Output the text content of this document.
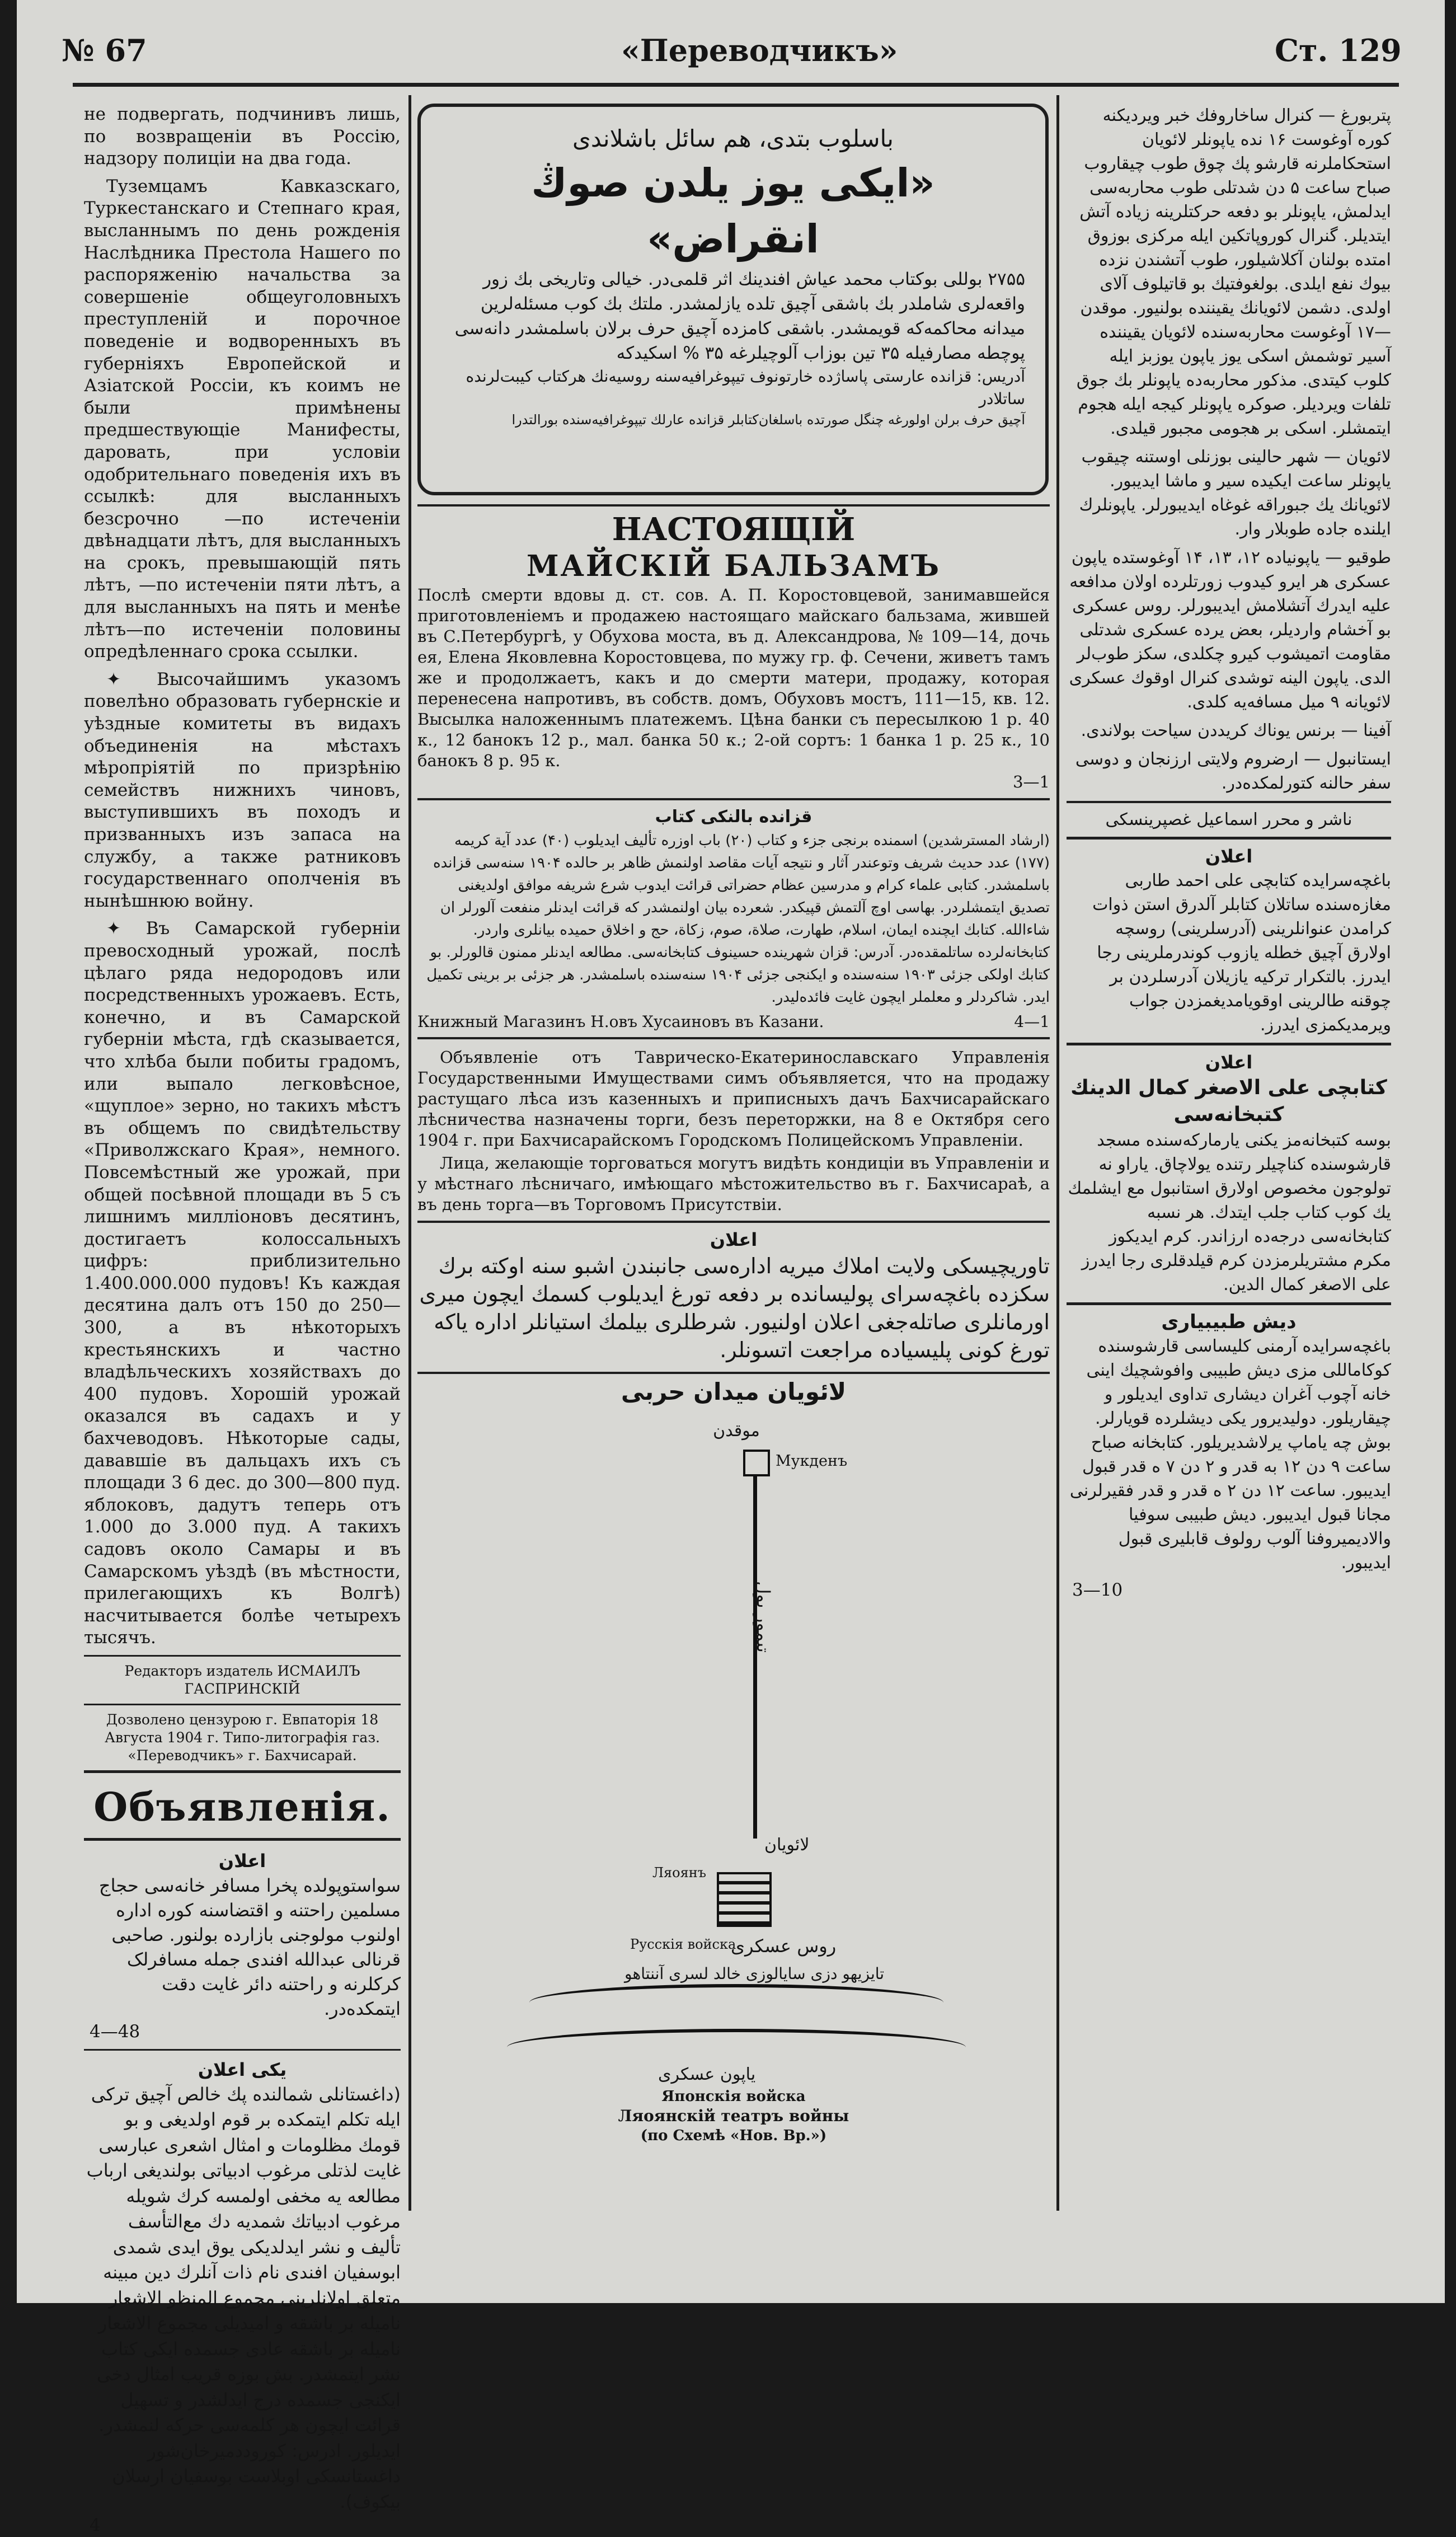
№ 67	«Переводчикъ»	Ст. 129

не подвергать, подчинивъ лишь, по возвращеніи въ Россію, надзору полиціи на два года.

Туземцамъ Кавказскаго, Туркестанскаго и Степнаго края, высланнымъ по день рожденія Наслѣдника Престола Нашего по распоряженію начальства за совершеніе общеуголовныхъ преступленій и порочное поведеніе и водворенныхъ въ губерніяхъ Европейской и Азіатской Россіи, къ коимъ не были примѣнены предшествующіе Манифесты, даровать, при условіи одобрительнаго поведенія ихъ въ ссылкѣ: для высланныхъ безсрочно —по истеченіи двѣнадцати лѣтъ, для высланныхъ на срокъ, превышающій пять лѣтъ, —по истеченіи пяти лѣтъ, а для высланныхъ на пять и менѣе лѣтъ—по истеченіи половины опредѣленнаго срока ссылки.

✦ Высочайшимъ указомъ повелѣно образовать губернскіе и уѣздные комитеты въ видахъ объединенія на мѣстахъ мѣропріятій по призрѣнію семействъ нижнихъ чиновъ, выступившихъ въ походъ и призванныхъ изъ запаса на службу, а также ратниковъ государственнаго ополченія въ нынѣшнюю войну.

✦ Въ Самарской губерніи превосходный урожай, послѣ цѣлаго ряда недородовъ или посредственныхъ урожаевъ. Есть, конечно, и въ Самарской губерніи мѣста, гдѣ сказывается, что хлѣба были побиты градомъ, или выпало легковѣсное, «щуплое» зерно, но такихъ мѣстъ въ общемъ по свидѣтельству «Приволжскаго Края», немного. Повсемѣстный же урожай, при общей посѣвной площади въ 5 съ лишнимъ милліоновъ десятинъ, достигаетъ колоссальныхъ цифръ: приблизительно 1.400.000.000 пудовъ! Къ каждая десятина далъ отъ 150 до 250—300, а въ нѣкоторыхъ крестьянскихъ и частно владѣльческихъ хозяйствахъ до 400 пудовъ. Хорошій урожай оказался въ садахъ и у бахчеводовъ. Нѣкоторые сады, дававшіе въ дальцахъ ихъ съ площади 3 6 дес. до 300—800 пуд. яблоковъ, дадутъ теперь отъ 1.000 до 3.000 пуд. А такихъ садовъ около Самары и въ Самарскомъ уѣздѣ (въ мѣстности, прилегающихъ къ Волгѣ) насчитывается болѣе четырехъ тысячъ.

Редакторъ издатель ИСМАИЛЪ ГАСПРИНСКІЙ

Дозволено цензурою г. Евпаторія 18 Августа 1904 г. Типо-литографія газ. «Переводчикъ» г. Бахчисарай.

Объявленія.
اعلان
سواستوپولده پخرا مسافر خانه‌سی حجاج مسلمین راحتنه و اقتضاسنه کوره اداره اولنوب مولوجنی بازارده بولنور. صاحبی قرنالی عبدالله افندی جمله مسافرلک کرکلرنه و راحتنه دائر غایت دقت ایتمکده‌در.
4—48
یکی اعلان
(داغستانلی شمالنده پك خالص آچیق ترکی ایله تکلم ایتمکده بر قوم اولدیغی و بو قومك مظلومات و امثال اشعری عبارسی غایت لذتلی مرغوب ادبیاتی بولندیغی ارباب مطالعه یه مخفی اولمسه کرك شویله مرغوب ادبیاتك شمدیه دك مع‌التأسف تألیف و نشر ایدلدیکی یوق ایدی شمدی ابوسفیان افندی نام ذات آنلرك دین مبینه متعلق اولانلرینی مجموع المنظو الاشعار نامیله بر باشقه و امیدیلی مجموع الاشعار نامیله بر باشقه عادی جسمده ایکی کتاب نشر ایتمشدر. بش بوزه قریب امثال دخی ایکنجی جسمده درج ایدلشدر و تسهیل قرائت ایچون هر کلمه‌سی حرکه لنمشدر.
ایدیلور. ادرس: کوروددمیرخان‌شور داغستانسکی اوبلاست بوسفیان ارسلان بیکوف).
4
باسلوب بتدی، هم سائل باشلاندی
«ایکی یوز یلدن صوڭ انقراض»
۲۷۵۵ بوللی بوکتاب محمد عیاش افندینك اثر قلمی‌در. خیالی وتاریخی بك زور واقعه‌لری شاملدر بك باشقی آچیق تلده یازلمشدر. ملتك بك کوب مسئله‌لرین میدانه محاکمه‌که قویمشدر. باشقی کامزده آچیق حرف برلان باسلمشدر دانه‌سی پوچطه مصارفیله ۳۵ تین بوزاب آلوچیلرغه ۳۵ % اسکیدکه
آدریس: قزانده عارستی پاساژده خارتونوف تیپوغرافیه‌سنه روسیه‌نك هرکتاب کیبت‌لرنده ساتلادر
آچیق حرف برلن اولورغه چنگل صورتده باسلغان‌کتابلر قزانده عار‌لك تیپوغرافیه‌سنده بورالتدرا
НАСТОЯЩІЙ
МАЙСКІЙ БАЛЬЗАМЪ

Послѣ смерти вдовы д. ст. сов. А. П. Коростовцевой, занимавшейся приготовленіемъ и продажею настоящаго майскаго бальзама, жившей въ С.Петербургѣ, у Обухова моста, въ д. Александрова, № 109—14, дочь ея, Елена Яковлевна Коростовцева, по мужу гр. ф. Сечени, живетъ тамъ же и продолжаетъ, какъ и до смерти матери, продажу, которая перенесена напротивъ, въ собств. домъ, Обуховъ мостъ, 111—15, кв. 12. Высылка наложеннымъ платежемъ. Цѣна банки съ пересылкою 1 р. 40 к., 12 банокъ 12 р., мал. банка 50 к.; 2-ой сортъ: 1 банка 1 р. 25 к., 10 банокъ 8 р. 95 к.

3—1
قزانده بالنکی کتاب
(ارشاد المسترشدین) اسمنده برنجی جزء و کتاب (۲۰) باب اوزره تألیف ایدیلوب (۴۰) عدد آیة کریمه (۱۷۷) عدد حدیث شریف وتوعندر آثار و نتیجه آیات مقاصد اولنمش ظاهر بر حالده ۱۹۰۴ سنه‌سی قزانده باسلمشدر. کتابی علماء کرام و مدرسین عظام حضراتی قرائت ایدوب شرع شریفه موافق اولدیغنی تصدیق ایتمشلردر. بهاسی اوچ آلتمش قپیکدر. شعرده بیان اولنمشدر که قرائت ایدنلر منفعت آلورلر ان شاءالله. کتابك ایچنده ایمان، اسلام، طهارت، صلاة، صوم، زکاة، حج و اخلاق حمیده بیانلری واردر. کتابخانه‌لرده ساتلمقده‌در. آدرس: قزان شهرینده حسینوف کتابخانه‌سی. مطالعه ایدنلر ممنون قالورلر. بو کتابك اولکی جزئی ۱۹۰۳ سنه‌سنده و ایکنجی جزئی ۱۹۰۴ سنه‌سنده باسلمشدر. هر جزئی بر برینی تکمیل ایدر. شاکردلر و معلملر ایچون غایت فائده‌لیدر.
Книжный Магазинъ Н.овъ Хусаиновъ въ Казани.	4—1

Объявленіе отъ Таврическо-Екатеринославскаго Управленія Государственными Имуществами симъ объявляется, что на продажу растущаго лѣса изъ казенныхъ и приписныхъ дачъ Бахчисарайскаго лѣсничества назначены торги, безъ переторжки, на 8 е Октября сего 1904 г. при Бахчисарайскомъ Городскомъ Полицейскомъ Управленіи.

Лица, желающіе торговаться могутъ видѣть кондиціи въ Управленіи и у мѣстнаго лѣсничаго, имѣющаго мѣстожительство въ г. Бахчисараѣ, а въ день торга—въ Торговомъ Присутствіи.

اعلان
تاوریچیسکی ولایت املاك میریه اداره‌سی جانبندن اشبو سنه اوکته برك سکزده باغچه‌سرای پولیسانده بر دفعه تورغ ایدیلوب کسمك ایچون میری اورمانلری صاتله‌جغی اعلان اولنیور. شرطلری بیلمك استیانلر اداره یاکه تورغ کونی پلیسیاده مراجعت اتسونلر.
لائویان میدان حربی
موقدن
Мукденъ
تیمور یول
لائویان
Ляоянъ
روس عسکری
Русскія войска
تایزیهو دزی سایالوزی خالد لسری آننتاهو
یاپون عسکری
Японскія войска
Ляоянскій театръ войны
(по Схемѣ «Нов. Вр.»)
پتربورغ — کنرال ساخاروفك خبر ویردیکنه کوره آوغوست ۱۶ نده یاپونلر لائویان استحکاملرنه قارشو پك چوق طوب چیقاروب صباح ساعت ۵ دن شدتلی طوب محاربه‌سی ایدلمش، یاپونلر بو دفعه حرکتلرینه زیاده آتش ایتدیلر. گنرال کوروپاتکین ایله مرکزی بوزوق امتده بولنان آکلاشیلور، طوب آتشندن نزده بیوك نفع ایلدی. بولغوفتیك بو قاتیلوف آلای اولدی. دشمن لائویانك یقیننده بولنیور. موقدن —۱۷ آوغوست محاربه‌سنده لائویان یقیننده آسیر توشمش اسکی یوز یاپون یوزبز ایله کلوب کیتدی. مذکور محاربه‌ده یاپونلر بك جوق تلفات ویردیلر. صوکره یاپونلر کیجه ایله هجوم ایتمشلر. اسکی بر هجومی مجبور قیلدی.
لائویان — شهر حالینی بوزنلی اوستنه چیقوب یاپونلر ساعت ایکیده سیر و ماشا ایدیبور. لائویانك یك جبوراقه غوغاه ایدیبورلر. یاپونلرك ایلنده جاده طوبلار وار.
طوقیو — یاپونیاده ۱۲، ۱۳، ۱۴ آوغوستده یاپون عسکری هر ایرو کیدوب زورتلرده اولان مدافعه علیه ایدرك آتشلامش ایدیبورلر. روس عسکری بو آخشام واردیلر، بعض یرده عسکری شدتلی مقاومت اتمیشوب کیرو چکلدی، سکز طوب‌لر الدی. یاپون الینه توشدی کنرال اوقوك عسکری لائویانه ۹ میل مسافه‌یه کلدی.
آفینا — برنس یوناك کریددن سیاحت بولاندی.
ایستانبول — ارضروم ولایتی ارزنجان و دوسی سفر حالنه کتورلمکده‌در.
ناشر و محرر اسماعیل غصپرینسکی
اعلان
باغچه‌سرایده کتابچی علی احمد طاربی مغازه‌سنده ساتلان کتابلر آلدرق استن ذوات کرامدن عنوانلرینی (آدرسلرینی) روسچه اولارق آچیق خطله یازوب کوندرملرینی رجا ایدرز. بالتکرار ترکیه یازیلان آدرسلردن بر چوقنه طالرینی اوقویامدیغمزدن جواب ویرمدیکمزی ایدرز.
اعلان
کتابچی علی الاصغر کمال الدینك کتبخانه‌سی
بوسه کتبخانه‌مز یکنی یارمارکه‌سنده مسجد قارشوسنده کناچیلر رتنده یولاچاق. یاراو نه تولوجون مخصوص اولارق استانبول مع ایشلمك یك کوب کتاب جلب ایتدك. هر نسبه کتابخانه‌سی درجه‌ده ارزاندر. کرم ایدیکوز مکرم مشتریلرمزدن کرم قیلدقلری رجا ایدرز علی الاصغر کمال الدین.
دیش طبیبیاری
باغچه‌سرایده آرمنی کلیساسی قارشوسنده کوکاماللی مزی دیش طبیبی وافوشچیك اینی خانه آچوب آغران دیشاری تداوی ایدیلور و چیقاریلور. دولیدیرور یکی دیشلرده قویارلر. بوش چه یاماپ یرلاشدیریلور. کتابخانه صباح ساعت ۹ دن ۱۲ به قدر و ۲ دن ۷ ه قدر قبول ایدیبور. ساعت ۱۲ دن ۲ ه قدر و قدر فقیرلرنی مجانا قبول ایدیبور. دیش طبیبی سوفیا والادیمیروفنا آلوب رولوف قابلیری قبول ایدیبور.
3—10
